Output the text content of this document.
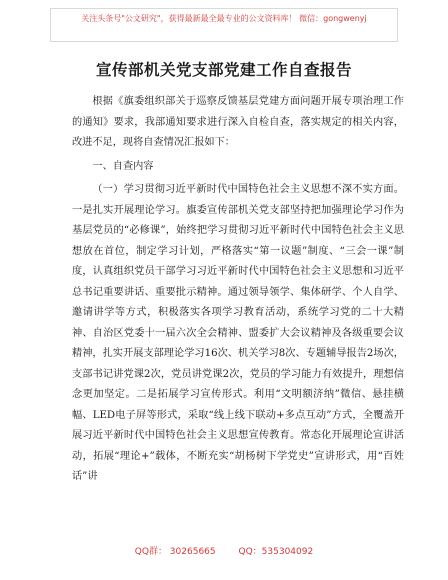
关注头条号"公文研究"，获得最新最全最专业的公文资料库！ 微信：gongwenyj
宣传部机关党支部党建工作自查报告

根据《旗委组织部关于巡察反馈基层党建方面问题开展专项治理工作的通知》要求，我部通知要求进行深入自检自查，落实规定的相关内容，改进不足，现将自查情况汇报如下：

一、自查内容

（一）学习贯彻习近平新时代中国特色社会主义思想不深不实方面。一是扎实开展理论学习。旗委宣传部机关党支部坚持把加强理论学习作为基层党员的“必修课”，始终把学习贯彻习近平新时代中国特色社会主义思想放在首位，制定学习计划，严格落实“第一议题”制度、“三会一课”制度，认真组织党员干部学习习近平新时代中国特色社会主义思想和习近平总书记重要讲话、重要批示精神。通过领导领学、集体研学、个人自学、邀请讲学等方式，积极落实各项学习教育活动，系统学习党的二十大精神、自治区党委十一届六次全会精神、盟委扩大会议精神及各级重要会议精神，扎实开展支部理论学习16次、机关学习8次、专题辅导报告2场次，支部书记讲党课2次，党员讲党课2次，党员的学习能力有效提升，理想信念更加坚定。二是拓展学习宣传形式。利用“文明额济纳”微信、悬挂横幅、LED电子屏等形式，采取“线上线下联动+多点互动”方式，全覆盖开展习近平新时代中国特色社会主义思想宣传教育。常态化开展理论宣讲活动，拓展“理论+”载体，不断充实“胡杨树下学党史”宣讲形式，用“百姓话”讲

QQ群： 30265665	QQ：535304092
